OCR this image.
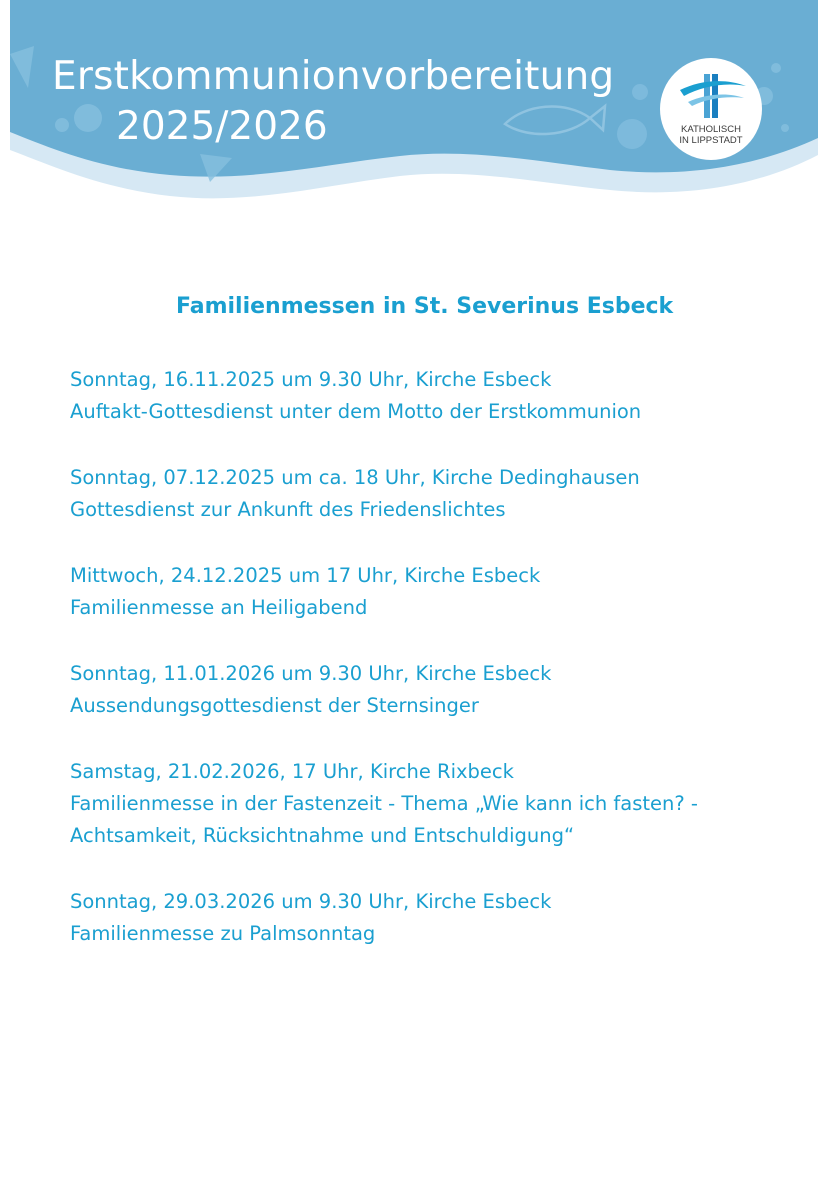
Erstkommunionvorbereitung
2025/2026	KATHOLISCH
IN LIPPSTADT
Familienmessen in St. Severinus Esbeck
Sonntag, 16.11.2025 um 9.30 Uhr, Kirche Esbeck
Auftakt-Gottesdienst unter dem Motto der Erstkommunion
Sonntag, 07.12.2025 um ca. 18 Uhr, Kirche Dedinghausen
Gottesdienst zur Ankunft des Friedenslichtes
Mittwoch, 24.12.2025 um 17 Uhr, Kirche Esbeck
Familienmesse an Heiligabend
Sonntag, 11.01.2026 um 9.30 Uhr, Kirche Esbeck
Aussendungsgottesdienst der Sternsinger
Samstag, 21.02.2026, 17 Uhr, Kirche Rixbeck
Familienmesse in der Fastenzeit - Thema „Wie kann ich fasten? -
Achtsamkeit, Rücksichtnahme und Entschuldigung“
Sonntag, 29.03.2026 um 9.30 Uhr, Kirche Esbeck
Familienmesse zu Palmsonntag
